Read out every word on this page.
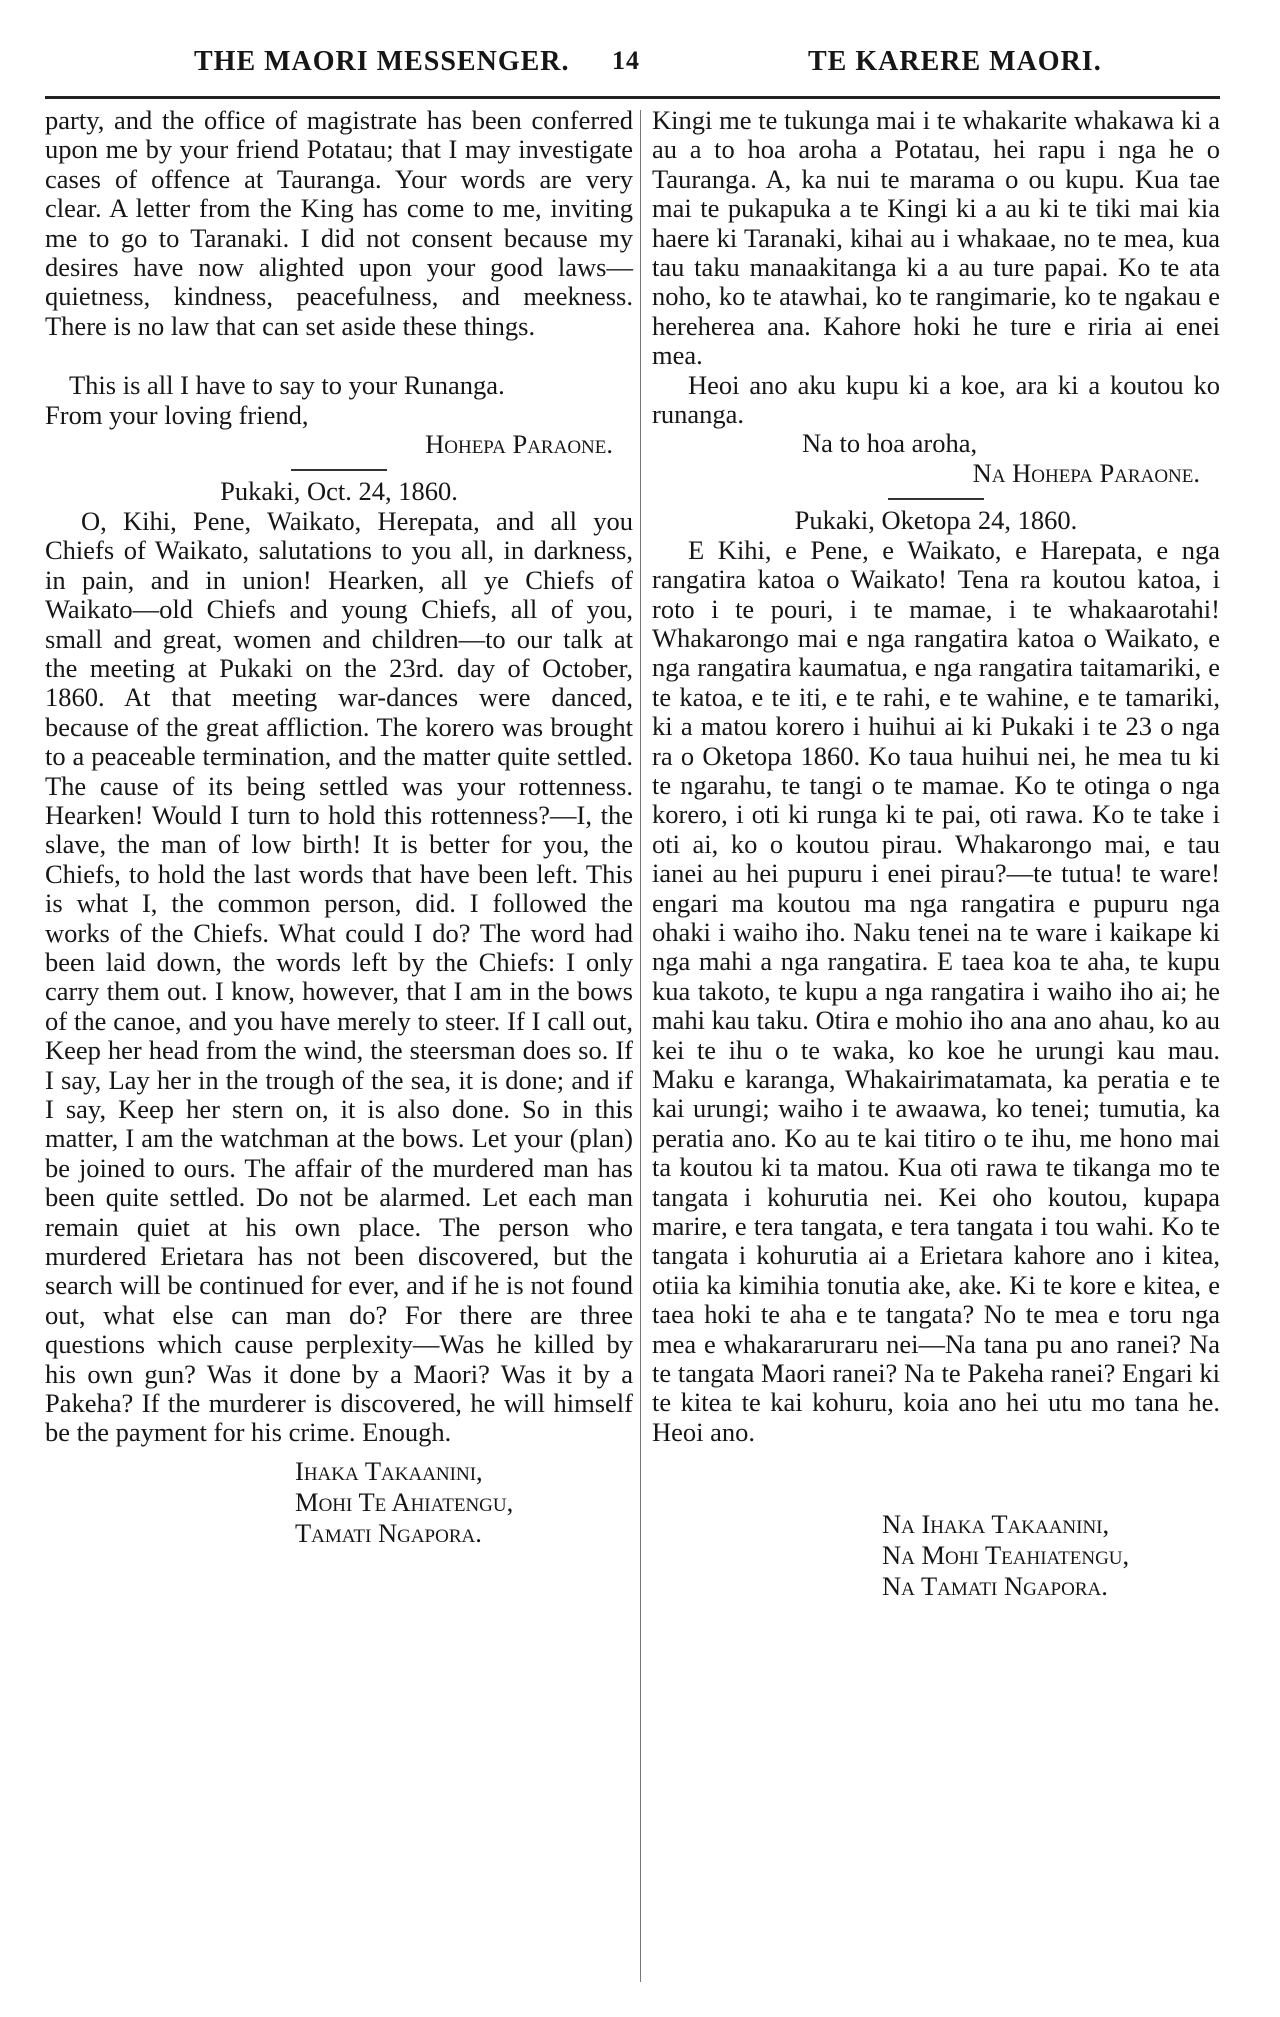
THE MAORI MESSENGER. 14	TE KARERE MAORI.

party, and the office of magistrate has been conferred upon me by your friend Potatau; that I may investigate cases of offence at Tauranga. Your words are very clear. A letter from the King has come to me, inviting me to go to Taranaki. I did not consent because my desires have now alighted upon your good laws—quietness, kindness, peacefulness, and meekness. There is no law that can set aside these things.

This is all I have to say to your Runanga.

From your loving friend,

Hohepa Paraone.

Pukaki, Oct. 24, 1860.

O, Kihi, Pene, Waikato, Herepata, and all you Chiefs of Waikato, salutations to you all, in darkness, in pain, and in union! Hearken, all ye Chiefs of Waikato—old Chiefs and young Chiefs, all of you, small and great, women and children—to our talk at the meeting at Pukaki on the 23rd. day of October, 1860. At that meeting war-dances were danced, because of the great affliction. The korero was brought to a peaceable termination, and the matter quite settled. The cause of its being settled was your rottenness. Hearken! Would I turn to hold this rottenness?—I, the slave, the man of low birth! It is better for you, the Chiefs, to hold the last words that have been left. This is what I, the common person, did. I followed the works of the Chiefs. What could I do? The word had been laid down, the words left by the Chiefs: I only carry them out. I know, however, that I am in the bows of the canoe, and you have merely to steer. If I call out, Keep her head from the wind, the steersman does so. If I say, Lay her in the trough of the sea, it is done; and if I say, Keep her stern on, it is also done. So in this matter, I am the watchman at the bows. Let your (plan) be joined to ours. The affair of the murdered man has been quite settled. Do not be alarmed. Let each man remain quiet at his own place. The person who murdered Erietara has not been discovered, but the search will be continued for ever, and if he is not found out, what else can man do? For there are three questions which cause perplexity—Was he killed by his own gun? Was it done by a Maori? Was it by a Pakeha? If the murderer is discovered, he will himself be the payment for his crime. Enough.

Ihaka Takaanini,
Mohi Te Ahiatengu,
Tamati Ngapora.

Kingi me te tukunga mai i te whakarite whakawa ki a au a to hoa aroha a Potatau, hei rapu i nga he o Tauranga. A, ka nui te marama o ou kupu. Kua tae mai te pukapuka a te Kingi ki a au ki te tiki mai kia haere ki Taranaki, kihai au i whakaae, no te mea, kua tau taku manaakitanga ki a au ture papai. Ko te ata noho, ko te atawhai, ko te rangimarie, ko te ngakau e hereherea ana. Kahore hoki he ture e riria ai enei mea.

Heoi ano aku kupu ki a koe, ara ki a koutou ko runanga.

Na to hoa aroha,

Na Hohepa Paraone.

Pukaki, Oketopa 24, 1860.

E Kihi, e Pene, e Waikato, e Harepata, e nga rangatira katoa o Waikato! Tena ra koutou katoa, i roto i te pouri, i te mamae, i te whakaarotahi! Whakarongo mai e nga rangatira katoa o Waikato, e nga rangatira kaumatua, e nga rangatira taitamariki, e te katoa, e te iti, e te rahi, e te wahine, e te tamariki, ki a matou korero i huihui ai ki Pukaki i te 23 o nga ra o Oketopa 1860. Ko taua huihui nei, he mea tu ki te ngarahu, te tangi o te mamae. Ko te otinga o nga korero, i oti ki runga ki te pai, oti rawa. Ko te take i oti ai, ko o koutou pirau. Whakarongo mai, e tau ianei au hei pupuru i enei pirau?—te tutua! te ware! engari ma koutou ma nga rangatira e pupuru nga ohaki i waiho iho. Naku tenei na te ware i kaikape ki nga mahi a nga rangatira. E taea koa te aha, te kupu kua takoto, te kupu a nga rangatira i waiho iho ai; he mahi kau taku. Otira e mohio iho ana ano ahau, ko au kei te ihu o te waka, ko koe he urungi kau mau. Maku e karanga, Whakairimatamata, ka peratia e te kai urungi; waiho i te awaawa, ko tenei; tumutia, ka peratia ano. Ko au te kai titiro o te ihu, me hono mai ta koutou ki ta matou. Kua oti rawa te tikanga mo te tangata i kohurutia nei. Kei oho koutou, kupapa marire, e tera tangata, e tera tangata i tou wahi. Ko te tangata i kohurutia ai a Erietara kahore ano i kitea, otiia ka kimihia tonutia ake, ake. Ki te kore e kitea, e taea hoki te aha e te tangata? No te mea e toru nga mea e whakararuraru nei—Na tana pu ano ranei? Na te tangata Maori ranei? Na te Pakeha ranei? Engari ki te kitea te kai kohuru, koia ano hei utu mo tana he. Heoi ano.

Na Ihaka Takaanini,
Na Mohi Teahiatengu,
Na Tamati Ngapora.
